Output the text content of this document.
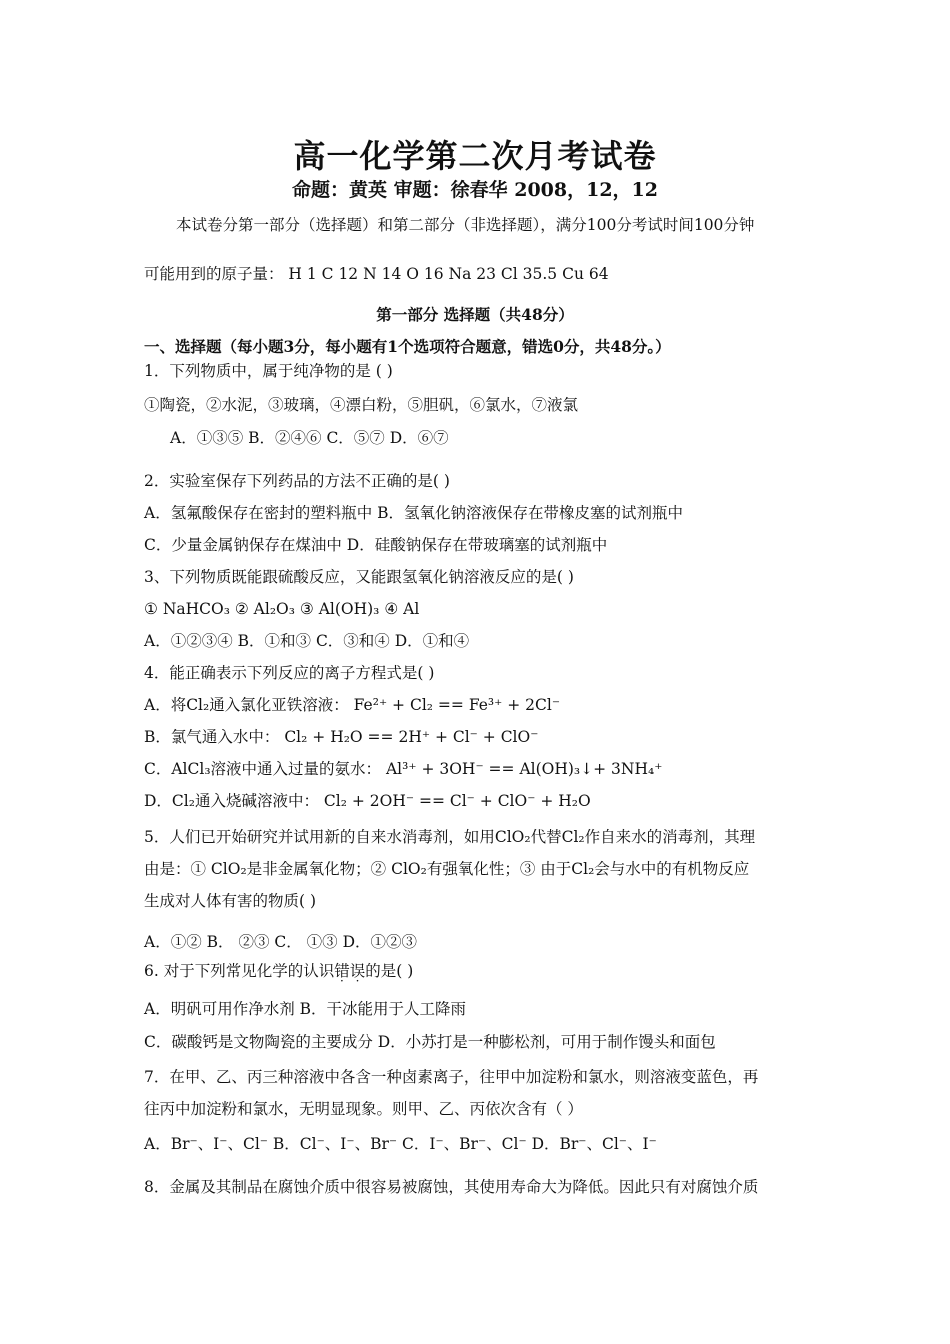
高一化学第二次月考试卷
命题：黄英 审题：徐春华 2008，12，12
本试卷分第一部分（选择题）和第二部分（非选择题），满分100分考试时间100分钟
可能用到的原子量： H 1 C 12 N 14 O 16 Na 23 Cl 35.5 Cu 64
第一部分 选择题（共48分）
一、选择题（每小题3分，每小题有1个选项符合题意，错选0分，共48分。）
1．下列物质中，属于纯净物的是 ( )
①陶瓷，②水泥，③玻璃，④漂白粉，⑤胆矾，⑥氯水，⑦液氯
A．①③⑤ B．②④⑥ C．⑤⑦ D．⑥⑦
2．实验室保存下列药品的方法不正确的是( )
A．氢氟酸保存在密封的塑料瓶中 B．氢氧化钠溶液保存在带橡皮塞的试剂瓶中
C．少量金属钠保存在煤油中 D．硅酸钠保存在带玻璃塞的试剂瓶中
3、下列物质既能跟硫酸反应，又能跟氢氧化钠溶液反应的是( )
① NaHCO₃ ② Al₂O₃ ③ Al(OH)₃ ④ Al
A．①②③④ B．①和③ C．③和④ D．①和④
4．能正确表示下列反应的离子方程式是( )
A．将Cl₂通入氯化亚铁溶液： Fe²⁺ + Cl₂ == Fe³⁺ + 2Cl⁻
B．氯气通入水中： Cl₂ + H₂O == 2H⁺ + Cl⁻ + ClO⁻
C．AlCl₃溶液中通入过量的氨水： Al³⁺ + 3OH⁻ == Al(OH)₃↓+ 3NH₄⁺
D．Cl₂通入烧碱溶液中： Cl₂ + 2OH⁻ == Cl⁻ + ClO⁻ + H₂O
5．人们已开始研究并试用新的自来水消毒剂，如用ClO₂代替Cl₂作自来水的消毒剂，其理
由是：① ClO₂是非金属氧化物；② ClO₂有强氧化性；③ 由于Cl₂会与水中的有机物反应
生成对人体有害的物质( )
A．①② B． ②③ C． ①③ D．①②③
6. 对于下列常见化学的认识错误的是( )
A．明矾可用作净水剂 B．干冰能用于人工降雨
C．碳酸钙是文物陶瓷的主要成分 D．小苏打是一种膨松剂，可用于制作馒头和面包
7．在甲、乙、丙三种溶液中各含一种卤素离子，往甲中加淀粉和氯水，则溶液变蓝色，再
往丙中加淀粉和氯水，无明显现象。则甲、乙、丙依次含有（ ）
A．Br⁻、I⁻、Cl⁻ B．Cl⁻、I⁻、Br⁻ C．I⁻、Br⁻、Cl⁻ D．Br⁻、Cl⁻、I⁻
8．金属及其制品在腐蚀介质中很容易被腐蚀，其使用寿命大为降低。因此只有对腐蚀介质
